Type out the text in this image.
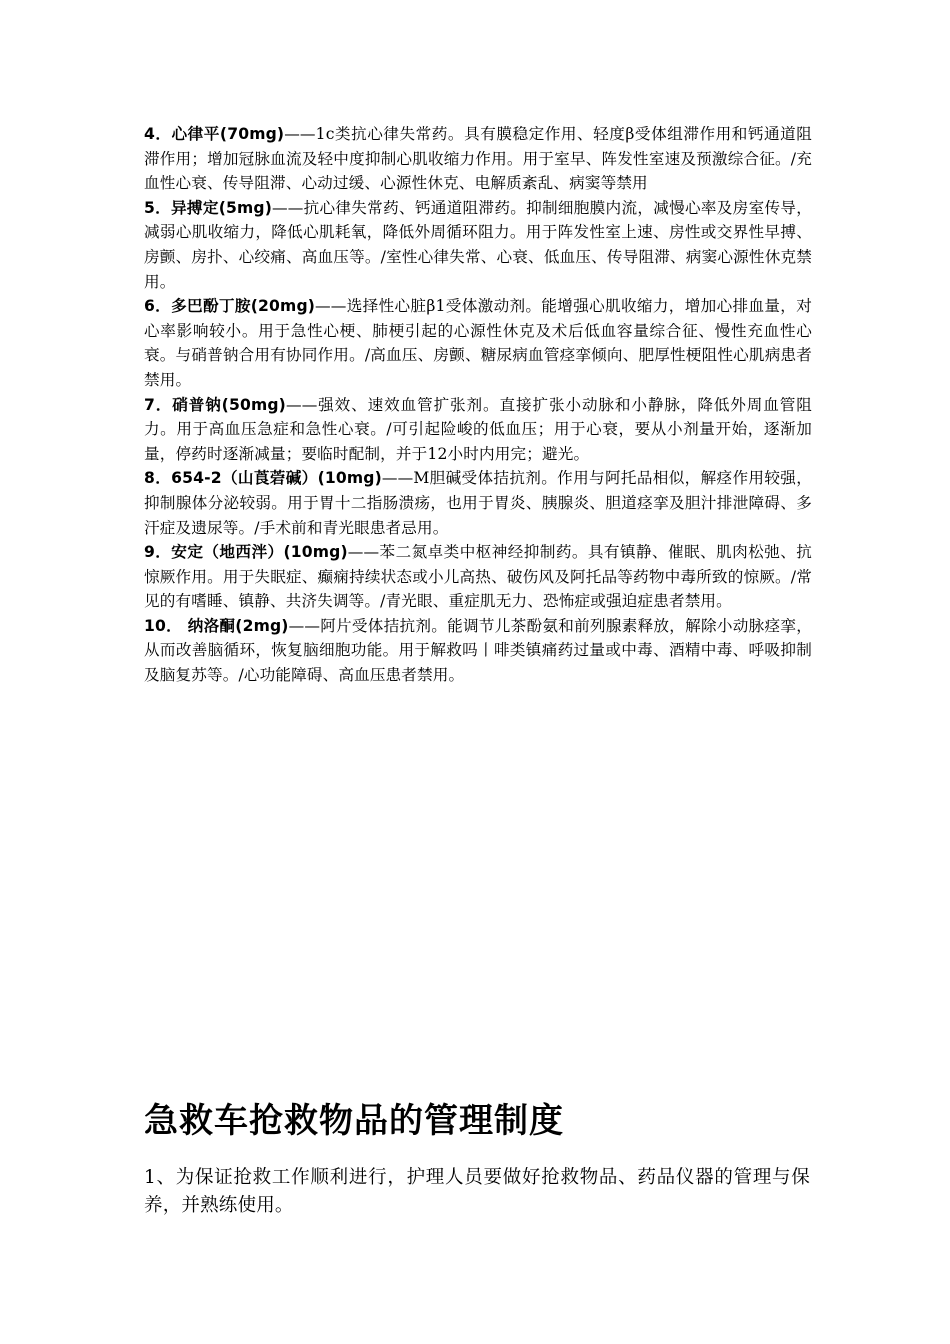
4．心律平(70mg)——1c类抗心律失常药。具有膜稳定作用、轻度β受体组滞作用和钙通道阻滞作用；增加冠脉血流及轻中度抑制心肌收缩力作用。用于室早、阵发性室速及预激综合征。/充血性心衰、传导阻滞、心动过缓、心源性休克、电解质紊乱、病窦等禁用

5．异搏定(5mg)——抗心律失常药、钙通道阻滞药。抑制细胞膜内流，减慢心率及房室传导，减弱心肌收缩力，降低心肌耗氧，降低外周循环阻力。用于阵发性室上速、房性或交界性早搏、房颤、房扑、心绞痛、高血压等。/室性心律失常、心衰、低血压、传导阻滞、病窦心源性休克禁用。

6．多巴酚丁胺(20mg)——选择性心脏β1受体激动剂。能增强心肌收缩力，增加心排血量，对心率影响较小。用于急性心梗、肺梗引起的心源性休克及术后低血容量综合征、慢性充血性心衰。与硝普钠合用有协同作用。/高血压、房颤、糖尿病血管痉挛倾向、肥厚性梗阻性心肌病患者禁用。

7．硝普钠(50mg)——强效、速效血管扩张剂。直接扩张小动脉和小静脉，降低外周血管阻力。用于高血压急症和急性心衰。/可引起险峻的低血压；用于心衰，要从小剂量开始，逐渐加量，停药时逐渐减量；要临时配制，并于12小时内用完；避光。

8．654-2（山莨菪碱）(10mg)——M胆碱受体拮抗剂。作用与阿托品相似，解痉作用较强，抑制腺体分泌较弱。用于胃十二指肠溃疡，也用于胃炎、胰腺炎、胆道痉挛及胆汁排泄障碍、多汗症及遗尿等。/手术前和青光眼患者忌用。

9．安定（地西泮）(10mg)——苯二氮卓类中枢神经抑制药。具有镇静、催眠、肌肉松弛、抗惊厥作用。用于失眠症、癫痫持续状态或小儿高热、破伤风及阿托品等药物中毒所致的惊厥。/常见的有嗜睡、镇静、共济失调等。/青光眼、重症肌无力、恐怖症或强迫症患者禁用。

10． 纳洛酮(2mg)——阿片受体拮抗剂。能调节儿茶酚氨和前列腺素释放，解除小动脉痉挛，从而改善脑循环，恢复脑细胞功能。用于解救吗丨啡类镇痛药过量或中毒、酒精中毒、呼吸抑制及脑复苏等。/心功能障碍、高血压患者禁用。

急救车抢救物品的管理制度

1、为保证抢救工作顺利进行，护理人员要做好抢救物品、药品仪器的管理与保养，并熟练使用。
